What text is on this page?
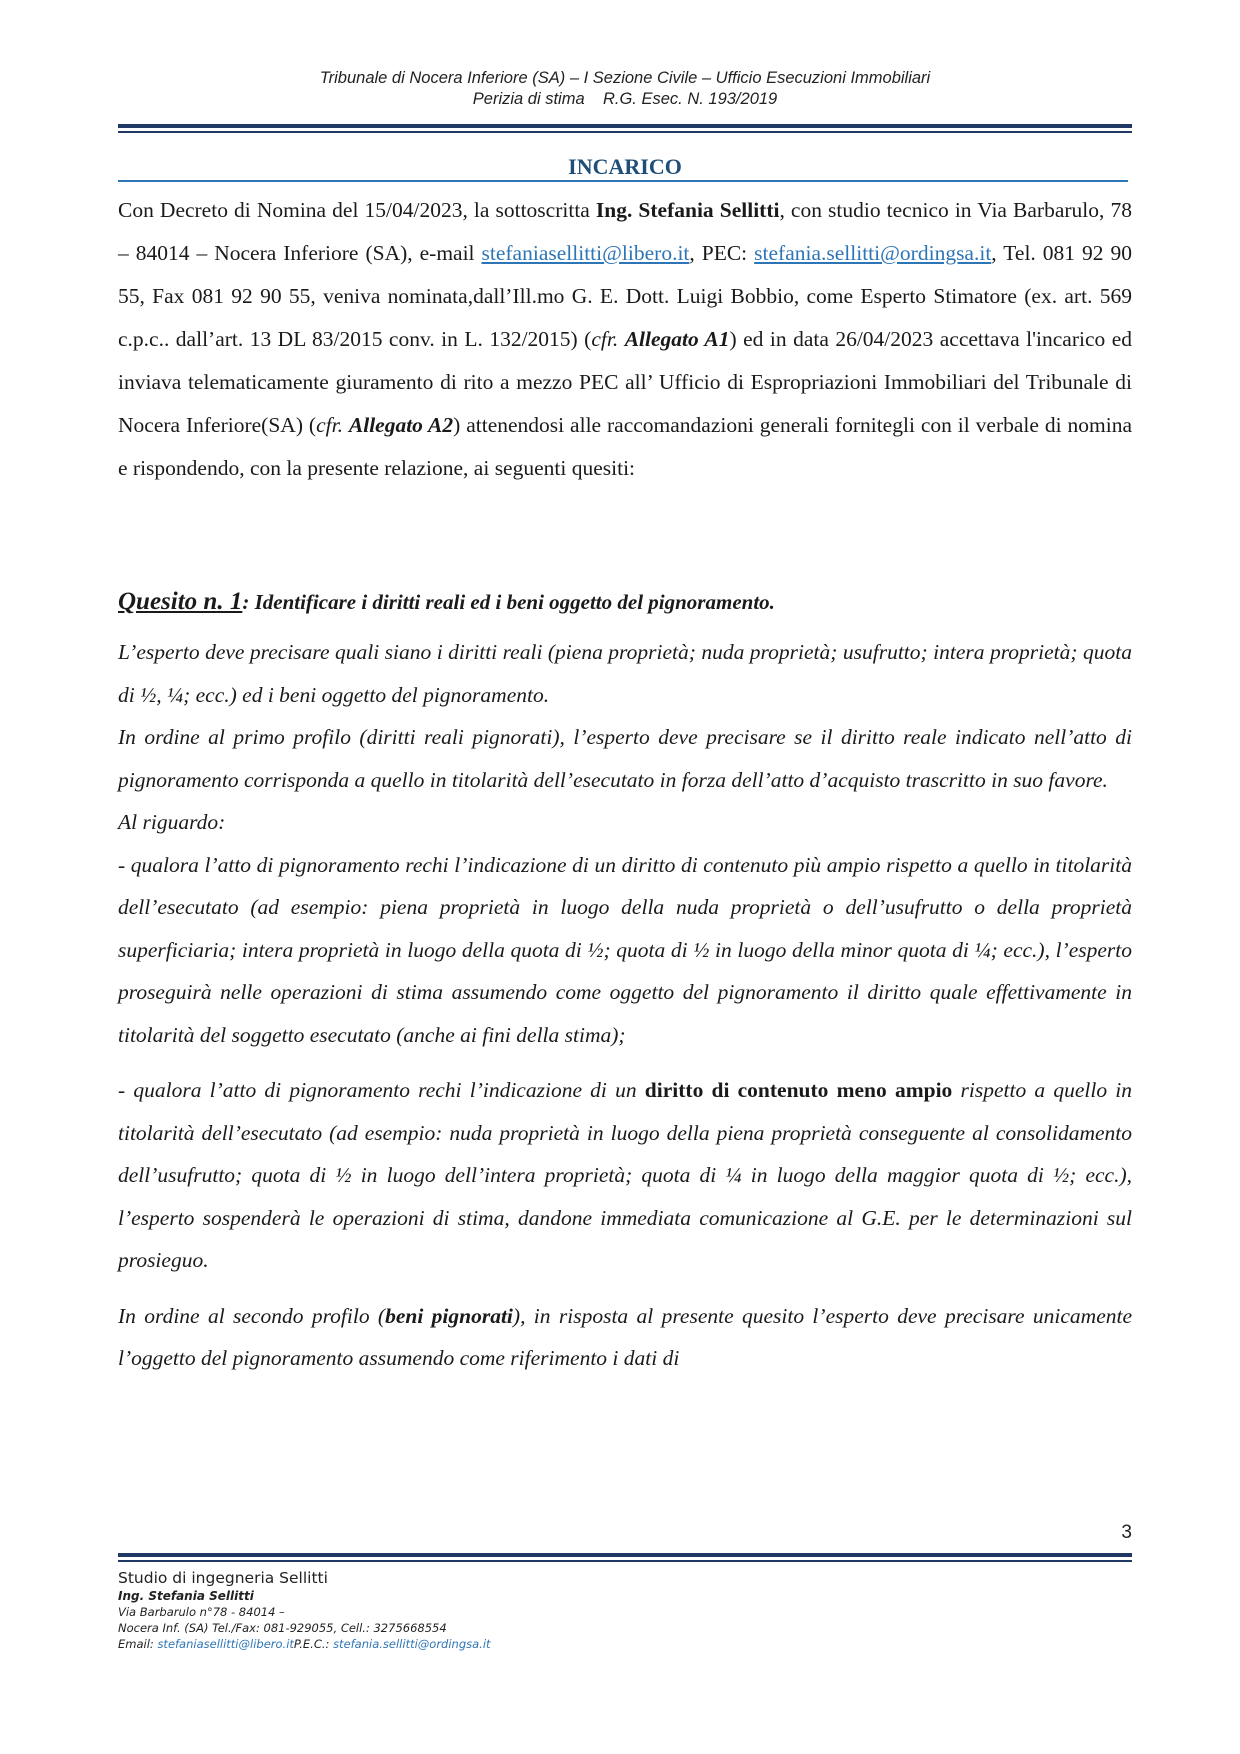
Tribunale di Nocera Inferiore (SA) – I Sezione Civile – Ufficio Esecuzioni Immobiliari
Perizia di stima    R.G. Esec. N. 193/2019
INCARICO

Con Decreto di Nomina del 15/04/2023, la sottoscritta Ing. Stefania Sellitti, con studio tecnico in Via Barbarulo, 78 – 84014 – Nocera Inferiore (SA), e-mail stefaniasellitti@libero.it, PEC: stefania.sellitti@ordingsa.it, Tel. 081 92 90 55, Fax 081 92 90 55, veniva nominata,dall’Ill.mo G. E. Dott. Luigi Bobbio, come Esperto Stimatore (ex. art. 569 c.p.c.. dall’art. 13 DL 83/2015 conv. in L. 132/2015) (cfr. Allegato A1) ed in data 26/04/2023 accettava l'incarico ed inviava telematicamente giuramento di rito a mezzo PEC all’ Ufficio di Espropriazioni Immobiliari del Tribunale di Nocera Inferiore(SA) (cfr. Allegato A2) attenendosi alle raccomandazioni generali fornitegli con il verbale di nomina e rispondendo, con la presente relazione, ai seguenti quesiti:

Quesito n. 1: Identificare i diritti reali ed i beni oggetto del pignoramento.

L’esperto deve precisare quali siano i diritti reali (piena proprietà; nuda proprietà; usufrutto; intera proprietà; quota di ½, ¼; ecc.) ed i beni oggetto del pignoramento.

In ordine al primo profilo (diritti reali pignorati), l’esperto deve precisare se il diritto reale indicato nell’atto di pignoramento corrisponda a quello in titolarità dell’esecutato in forza dell’atto d’acquisto trascritto in suo favore.

Al riguardo:

- qualora l’atto di pignoramento rechi l’indicazione di un diritto di contenuto più ampio rispetto a quello in titolarità dell’esecutato (ad esempio: piena proprietà in luogo della nuda proprietà o dell’usufrutto o della proprietà superficiaria; intera proprietà in luogo della quota di ½; quota di ½ in luogo della minor quota di ¼; ecc.), l’esperto proseguirà nelle operazioni di stima assumendo come oggetto del pignoramento il diritto quale effettivamente in titolarità del soggetto esecutato (anche ai fini della stima);

- qualora l’atto di pignoramento rechi l’indicazione di un diritto di contenuto meno ampio rispetto a quello in titolarità dell’esecutato (ad esempio: nuda proprietà in luogo della piena proprietà conseguente al consolidamento dell’usufrutto; quota di ½ in luogo dell’intera proprietà; quota di ¼ in luogo della maggior quota di ½; ecc.), l’esperto sospenderà le operazioni di stima, dandone immediata comunicazione al G.E. per le determinazioni sul prosieguo.

In ordine al secondo profilo (beni pignorati), in risposta al presente quesito l’esperto deve precisare unicamente l’oggetto del pignoramento assumendo come riferimento i dati di

3
Studio di ingegneria Sellitti
Ing. Stefania Sellitti
Via Barbarulo n°78 - 84014 –
Nocera Inf. (SA) Tel./Fax: 081-929055, Cell.: 3275668554
Email: stefaniasellitti@libero.itP.E.C.: stefania.sellitti@ordingsa.it
